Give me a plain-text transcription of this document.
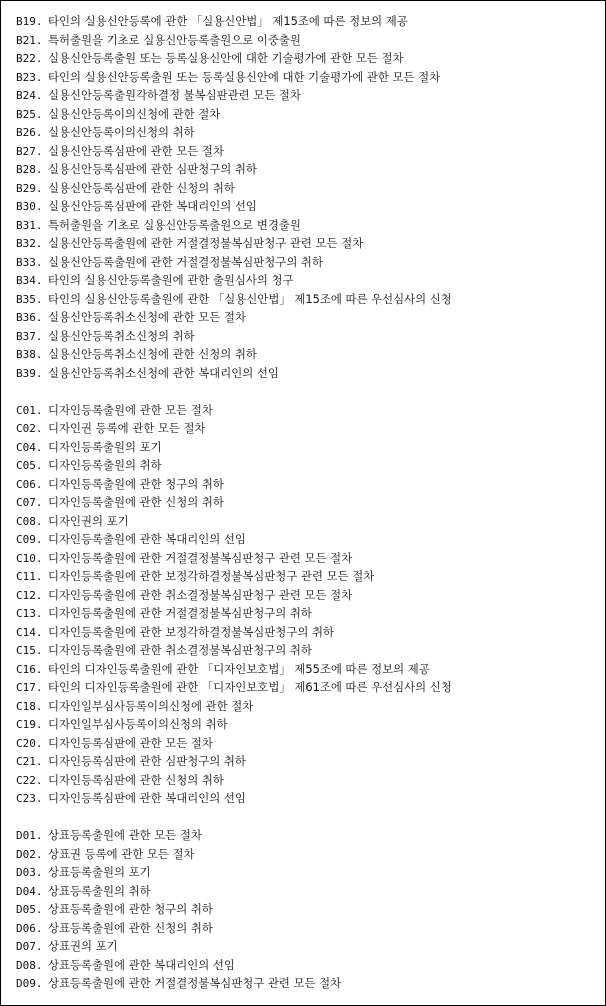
B19. 타인의 실용신안등록에 관한 「실용신안법」 제15조에 따른 정보의 제공
B21. 특허출원을 기초로 실용신안등록출원으로 이중출원
B22. 실용신안등록출원 또는 등록실용신안에 대한 기술평가에 관한 모든 절차
B23. 타인의 실용신안등록출원 또는 등록실용신안에 대한 기술평가에 관한 모든 절차
B24. 실용신안등록출원각하결정 불복심판관련 모든 절차
B25. 실용신안등록이의신청에 관한 절차
B26. 실용신안등록이의신청의 취하
B27. 실용신안등록심판에 관한 모든 절차
B28. 실용신안등록심판에 관한 심판청구의 취하
B29. 실용신안등록심판에 관한 신청의 취하
B30. 실용신안등록심판에 관한 복대리인의 선임
B31. 특허출원을 기초로 실용신안등록출원으로 변경출원
B32. 실용신안등록출원에 관한 거절결정불복심판청구 관련 모든 절차
B33. 실용신안등록출원에 관한 거절결정불복심판청구의 취하
B34. 타인의 실용신안등록출원에 관한 출원심사의 청구
B35. 타인의 실용신안등록출원에 관한 「실용신안법」 제15조에 따른 우선심사의 신청
B36. 실용신안등록취소신청에 관한 모든 절차
B37. 실용신안등록취소신청의 취하
B38. 실용신안등록취소신청에 관한 신청의 취하
B39. 실용신안등록취소신청에 관한 복대리인의 선임
C01. 디자인등록출원에 관한 모든 절차
C02. 디자인권 등록에 관한 모든 절차
C04. 디자인등록출원의 포기
C05. 디자인등록출원의 취하
C06. 디자인등록출원에 관한 청구의 취하
C07. 디자인등록출원에 관한 신청의 취하
C08. 디자인권의 포기
C09. 디자인등록출원에 관한 복대리인의 선임
C10. 디자인등록출원에 관한 거절결정불복심판청구 관련 모든 절차
C11. 디자인등록출원에 관한 보정각하결정불복심판청구 관련 모든 절차
C12. 디자인등록출원에 관한 취소결정불복심판청구 관련 모든 절차
C13. 디자인등록출원에 관한 거절결정불복심판청구의 취하
C14. 디자인등록출원에 관한 보정각하결정불복심판청구의 취하
C15. 디자인등록출원에 관한 취소결정불복심판청구의 취하
C16. 타인의 디자인등록출원에 관한 「디자인보호법」 제55조에 따른 정보의 제공
C17. 타인의 디자인등록출원에 관한 「디자인보호법」 제61조에 따른 우선심사의 신청
C18. 디자인일부심사등록이의신청에 관한 절차
C19. 디자인일부심사등록이의신청의 취하
C20. 디자인등록심판에 관한 모든 절차
C21. 디자인등록심판에 관한 심판청구의 취하
C22. 디자인등록심판에 관한 신청의 취하
C23. 디자인등록심판에 관한 복대리인의 선임
D01. 상표등록출원에 관한 모든 절차
D02. 상표권 등록에 관한 모든 절차
D03. 상표등록출원의 포기
D04. 상표등록출원의 취하
D05. 상표등록출원에 관한 청구의 취하
D06. 상표등록출원에 관한 신청의 취하
D07. 상표권의 포기
D08. 상표등록출원에 관한 복대리인의 선임
D09. 상표등록출원에 관한 거절결정불복심판청구 관련 모든 절차
